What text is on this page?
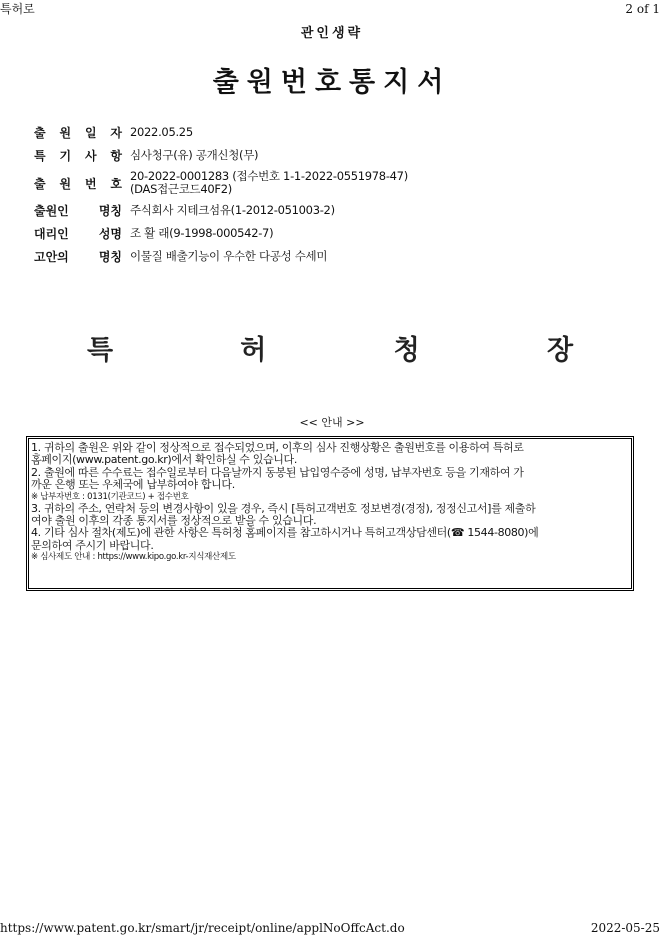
특허로	2 of 1
관인생략
출원번호통지서
출 원 일 자 2022.05.25
특 기 사 항 심사청구(유) 공개신청(무)
출 원 번 호
20-2022-0001283 (접수번호 1-1-2022-0551978-47)
(DAS접근코드40F2)
출원인	명칭 주식회사 지테크섬유(1-2012-051003-2)
대리인	성명 조 활 래(9-1998-000542-7)
고안의	명칭 이물질 배출기능이 우수한 다공성 수세미
특	허	청	장
<< 안내 >>

1. 귀하의 출원은 위와 같이 정상적으로 접수되었으며, 이후의 심사 진행상황은 출원번호를 이용하여 특허로

홈페이지(www.patent.go.kr)에서 확인하실 수 있습니다.

2. 출원에 따른 수수료는 접수일로부터 다음날까지 동봉된 납입영수증에 성명, 납부자번호 등을 기재하여 가

까운 은행 또는 우체국에 납부하여야 합니다.

※ 납부자번호 : 0131(기관코드) + 접수번호

3. 귀하의 주소, 연락처 등의 변경사항이 있을 경우, 즉시 [특허고객번호 정보변경(경정), 정정신고서]를 제출하

여야 출원 이후의 각종 통지서를 정상적으로 받을 수 있습니다.

4. 기타 심사 절차(제도)에 관한 사항은 특허청 홈페이지를 참고하시거나 특허고객상담센터(☎ 1544-8080)에

문의하여 주시기 바랍니다.

※ 심사제도 안내 : https://www.kipo.go.kr-지식재산제도

https://www.patent.go.kr/smart/jr/receipt/online/applNoOffcAct.do	2022-05-25
